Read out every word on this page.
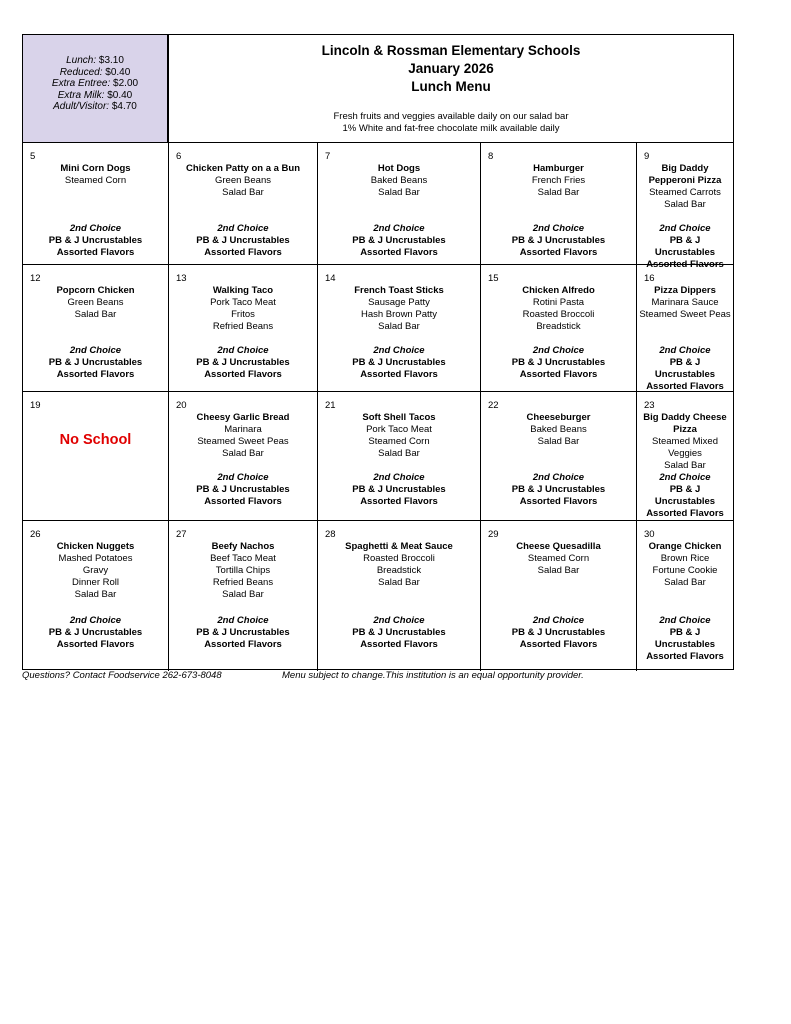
Lunch: $3.10
Reduced: $0.40
Extra Entree: $2.00
Extra Milk: $0.40
Adult/Visitor: $4.70
Lincoln & Rossman Elementary Schools
January 2026
Lunch Menu
Fresh fruits and veggies available daily on our salad bar
1% White and fat-free chocolate milk available daily
5
Mini Corn Dogs
Steamed Corn
2nd Choice
PB & J Uncrustables
Assorted Flavors
6
Chicken Patty on a a Bun
Green Beans
Salad Bar
2nd Choice
PB & J Uncrustables
Assorted Flavors
7
Hot Dogs
Baked Beans
Salad Bar
2nd Choice
PB & J Uncrustables
Assorted Flavors
8
Hamburger
French Fries
Salad Bar
2nd Choice
PB & J Uncrustables
Assorted Flavors
9
Big Daddy Pepperoni Pizza
Steamed Carrots
Salad Bar
2nd Choice
PB & J Uncrustables
Assorted Flavors
12
Popcorn Chicken
Green Beans
Salad Bar
2nd Choice
PB & J Uncrustables
Assorted Flavors
13
Walking Taco
Pork Taco Meat
Fritos
Refried Beans
2nd Choice
PB & J Uncrustables
Assorted Flavors
14
French Toast Sticks
Sausage Patty
Hash Brown Patty
Salad Bar
2nd Choice
PB & J Uncrustables
Assorted Flavors
15
Chicken Alfredo
Rotini Pasta
Roasted Broccoli
Breadstick
2nd Choice
PB & J Uncrustables
Assorted Flavors
16
Pizza Dippers
Marinara Sauce
Steamed Sweet Peas
2nd Choice
PB & J Uncrustables
Assorted Flavors
19
No School
20
Cheesy Garlic Bread
Marinara
Steamed Sweet Peas
Salad Bar
2nd Choice
PB & J Uncrustables
Assorted Flavors
21
Soft Shell Tacos
Pork Taco Meat
Steamed Corn
Salad Bar
2nd Choice
PB & J Uncrustables
Assorted Flavors
22
Cheeseburger
Baked Beans
Salad Bar
2nd Choice
PB & J Uncrustables
Assorted Flavors
23
Big Daddy Cheese Pizza
Steamed Mixed Veggies
Salad Bar
2nd Choice
PB & J Uncrustables
Assorted Flavors
26
Chicken Nuggets
Mashed Potatoes
Gravy
Dinner Roll
Salad Bar
2nd Choice
PB & J Uncrustables
Assorted Flavors
27
Beefy Nachos
Beef Taco Meat
Tortilla Chips
Refried Beans
Salad Bar
2nd Choice
PB & J Uncrustables
Assorted Flavors
28
Spaghetti & Meat Sauce
Roasted Broccoli
Breadstick
Salad Bar
2nd Choice
PB & J Uncrustables
Assorted Flavors
29
Cheese Quesadilla
Steamed Corn
Salad Bar
2nd Choice
PB & J Uncrustables
Assorted Flavors
30
Orange Chicken
Brown Rice
Fortune Cookie
Salad Bar
2nd Choice
PB & J Uncrustables
Assorted Flavors
Questions? Contact Foodservice 262-673-8048	Menu subject to change.This institution is an equal opportunity provider.
